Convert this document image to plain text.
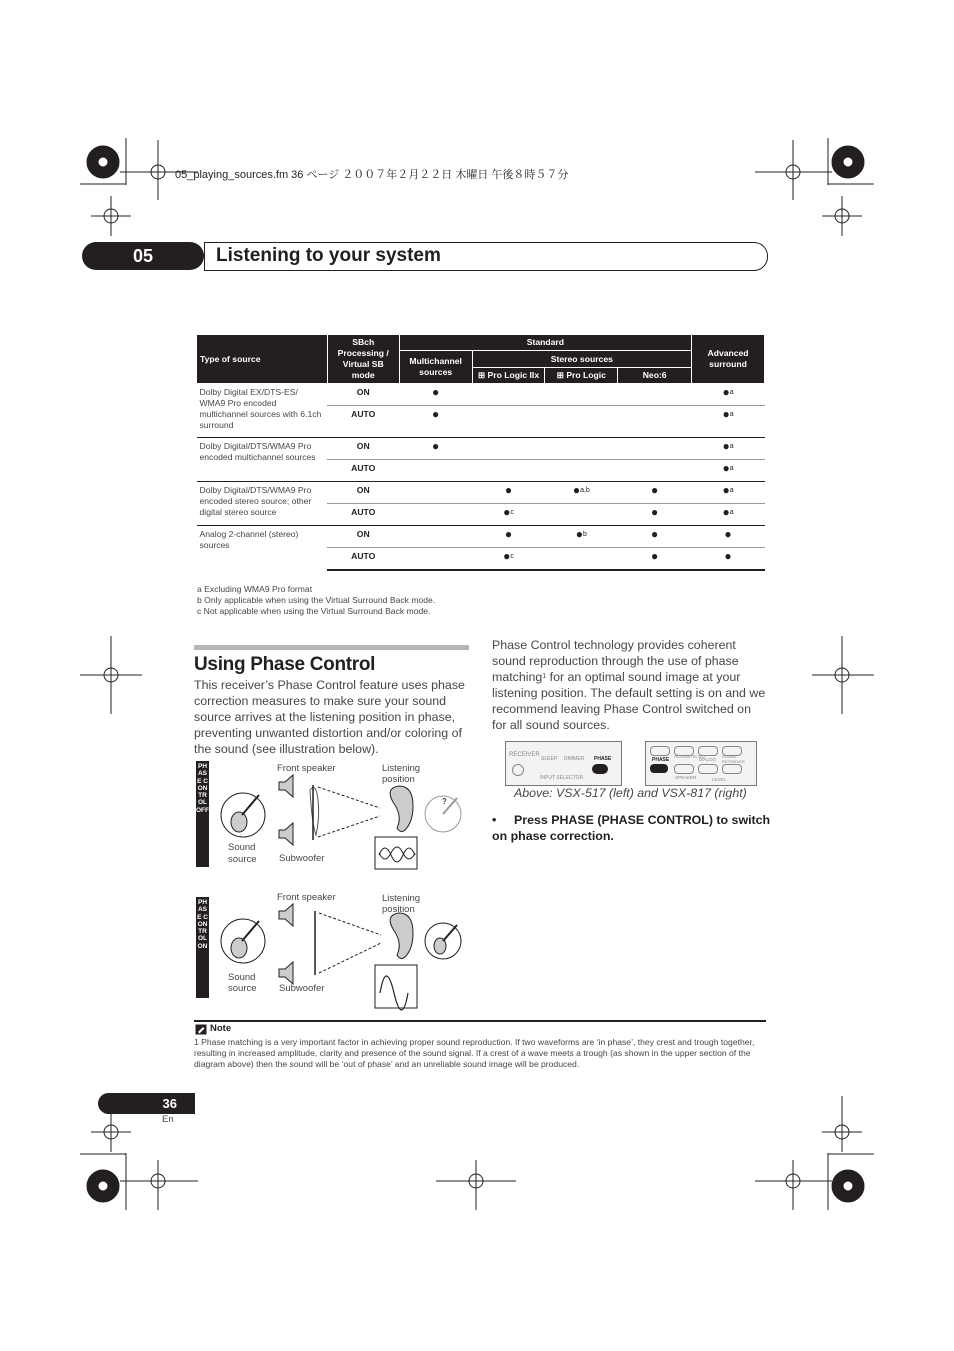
05_playing_sources.fm 36 ページ ２００７年２月２２日 木曜日 午後８時５７分
05	Listening to your system
Type of source	SBch Processing / Virtual SB mode	Standard				Advanced surround
		Multichannel sources	Stereo sources			
			⊞ Pro Logic IIx	⊞ Pro Logic	Neo:6	
Dolby Digital EX/DTS-ES/ WMA9 Pro encoded multichannel sources with 6.1ch surround	ON	●				●$^a$
	AUTO	●				●$^a$
Dolby Digital/DTS/WMA9 Pro encoded multichannel sources	ON	●				●$^a$
	AUTO					●$^a$
Dolby Digital/DTS/WMA9 Pro encoded stereo source; other digital stereo source	ON		●	●$^{a,b}$	●	●$^a$
	AUTO		●$^c$		●	●$^a$
Analog 2-channel (stereo) sources	ON		●	●$^b$	●	●
	AUTO		●$^c$		●	●
a Excluding WMA9 Pro format
b Only applicable when using the Virtual Surround Back mode.
c Not applicable when using the Virtual Surround Back mode.
Using Phase Control
This receiver’s Phase Control feature uses phase correction measures to make sure your sound source arrives at the listening position in phase, preventing unwanted distortion and/or coloring of the sound (see illustration below).
PHASE CONTROL OFF
Front speaker	Listening
position
?
Sound
source Subwoofer
PHASE CONTROL ON
Front speaker	Listening
position
Sound
source Subwoofer
Phase Control technology provides coherent sound reproduction through the use of phase matching$^1$ for an optimal sound image at your listening position. The default setting is on and we recommend leaving Phase Control switched on for all sound sources.
RECEIVER
SLEEP DIMMER PHASE
INPUT SELECTOR
PHASE
ACOUSTIC EQ
DIALOG
SOUND RETRIEVER
SPEAKER	LEVEL
Above: VSX-517 (left) and VSX-817 (right)
• Press PHASE (PHASE CONTROL) to switch on phase correction.
Note
1 Phase matching is a very important factor in achieving proper sound reproduction. If two waveforms are ‘in phase’, they crest and trough together, resulting in increased amplitude, clarity and presence of the sound signal. If a crest of a wave meets a trough (as shown in the upper section of the diagram above) then the sound will be ‘out of phase’ and an unreliable sound image will be produced.
36
En
